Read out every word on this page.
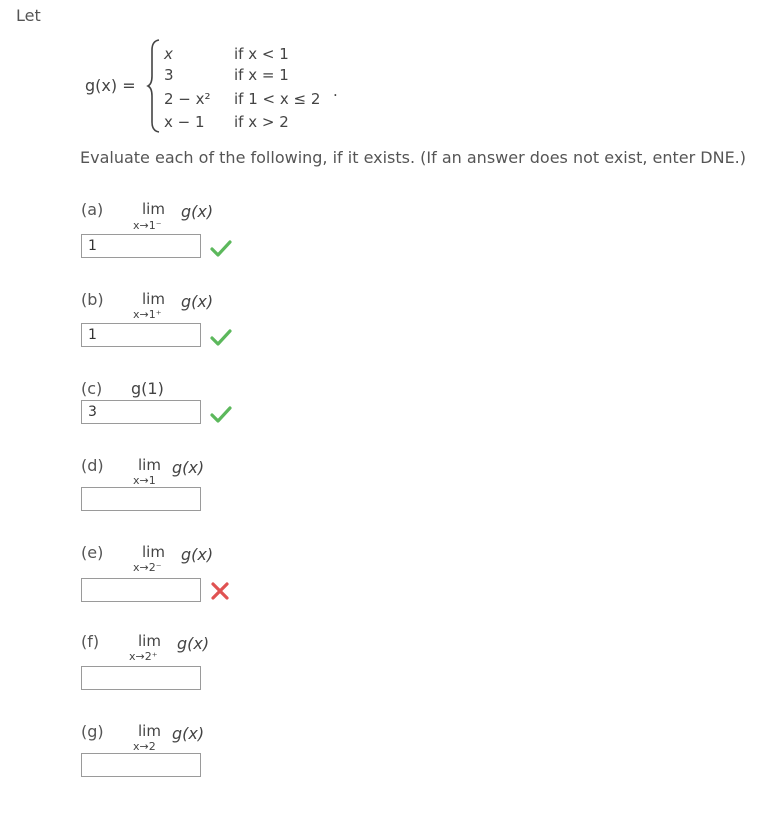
Let
g(x) =
x	if x < 1
3	if x = 1
2 − x² if 1 < x ≤ 2
x − 1 if x > 2
.
Evaluate each of the following, if it exists. (If an answer does not exist, enter DNE.)
(a)	lim
x→1⁻
g(x)
1
(b)	lim
x→1⁺
g(x)
1
(c) g(1)
3
(d) lim
x→1
g(x)
(e)	lim
x→2⁻
g(x)
(f)	lim
x→2⁺
g(x)
(g) lim
x→2
g(x)
